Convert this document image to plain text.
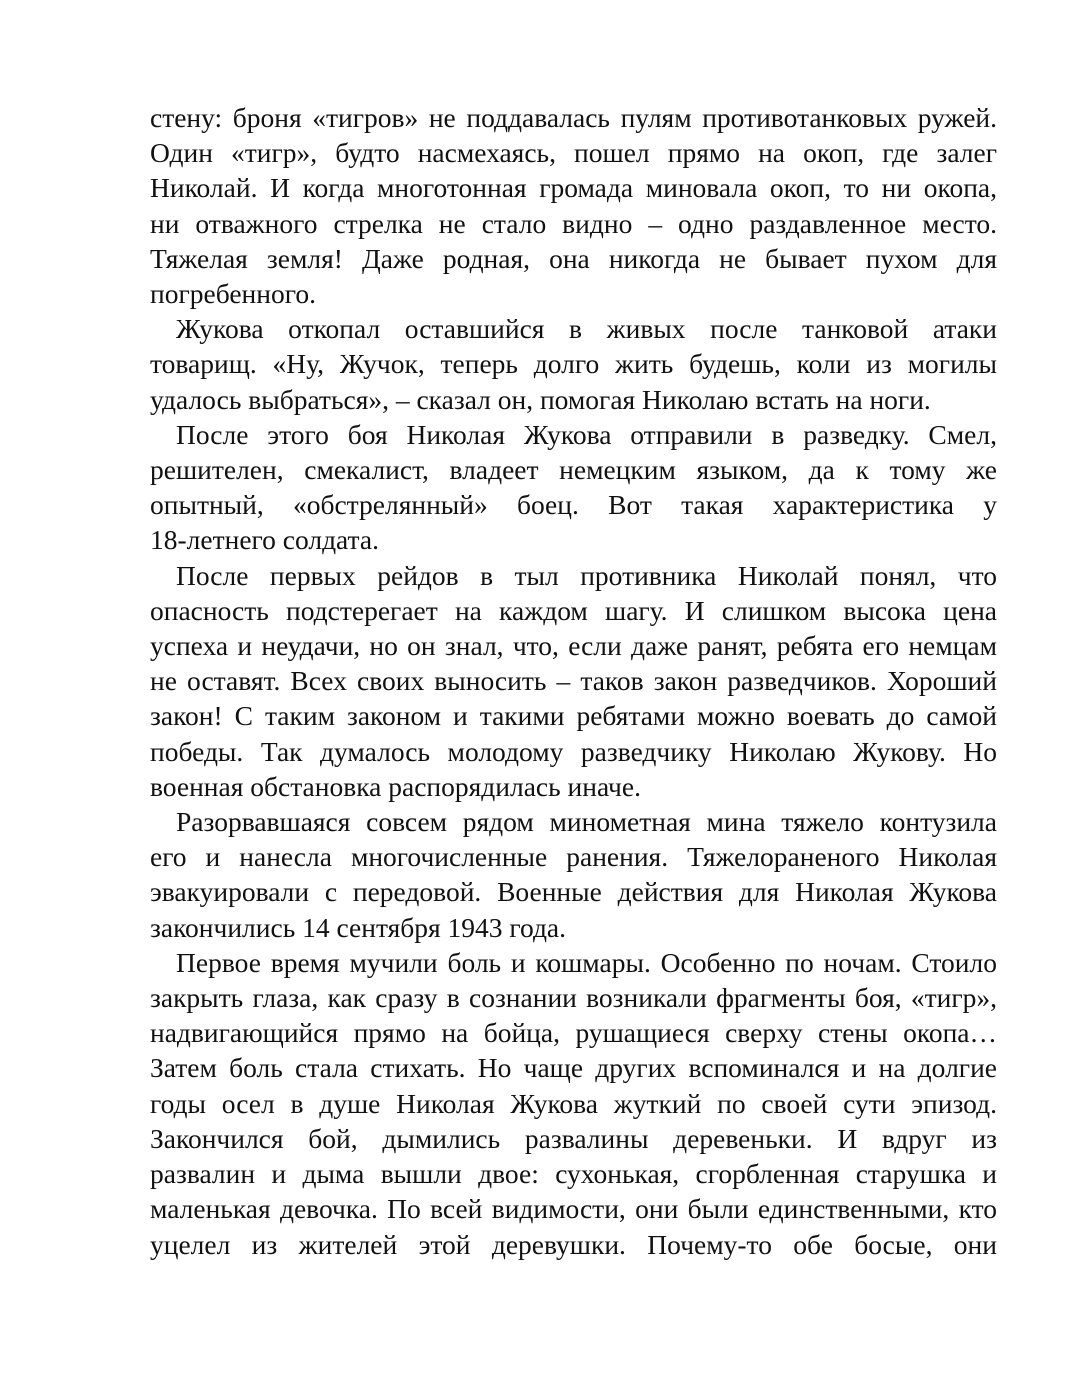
стену: броня «тигров» не поддавалась пулям противотанковых ружей.
Один «тигр», будто насмехаясь, пошел прямо на окоп, где залег
Николай. И когда многотонная громада миновала окоп, то ни окопа,
ни отважного стрелка не стало видно – одно раздавленное место.
Тяжелая земля! Даже родная, она никогда не бывает пухом для
погребенного.
Жукова откопал оставшийся в живых после танковой атаки
товарищ. «Ну, Жучок, теперь долго жить будешь, коли из могилы
удалось выбраться», – сказал он, помогая Николаю встать на ноги.
После этого боя Николая Жукова отправили в разведку. Смел,
решителен, смекалист, владеет немецким языком, да к тому же
опытный, «обстрелянный» боец. Вот такая характеристика у
18-летнего солдата.
После первых рейдов в тыл противника Николай понял, что
опасность подстерегает на каждом шагу. И слишком высока цена
успеха и неудачи, но он знал, что, если даже ранят, ребята его немцам
не оставят. Всех своих выносить – таков закон разведчиков. Хороший
закон! С таким законом и такими ребятами можно воевать до самой
победы. Так думалось молодому разведчику Николаю Жукову. Но
военная обстановка распорядилась иначе.
Разорвавшаяся совсем рядом минометная мина тяжело контузила
его и нанесла многочисленные ранения. Тяжелораненого Николая
эвакуировали с передовой. Военные действия для Николая Жукова
закончились 14 сентября 1943 года.
Первое время мучили боль и кошмары. Особенно по ночам. Стоило
закрыть глаза, как сразу в сознании возникали фрагменты боя, «тигр»,
надвигающийся прямо на бойца, рушащиеся сверху стены окопа…
Затем боль стала стихать. Но чаще других вспоминался и на долгие
годы осел в душе Николая Жукова жуткий по своей сути эпизод.
Закончился бой, дымились развалины деревеньки. И вдруг из
развалин и дыма вышли двое: сухонькая, сгорбленная старушка и
маленькая девочка. По всей видимости, они были единственными, кто
уцелел из жителей этой деревушки. Почему-то обе босые, они
